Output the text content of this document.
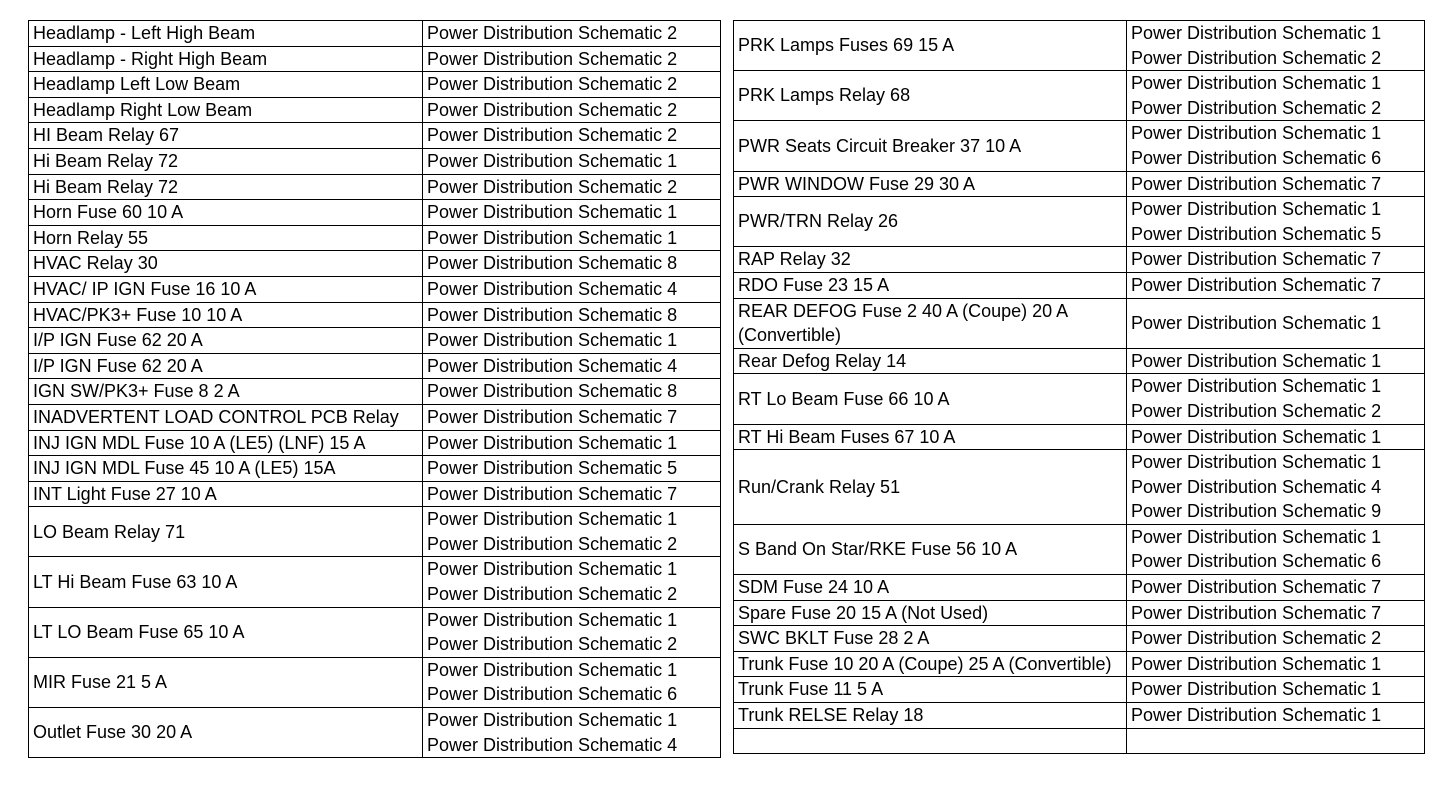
Headlamp - Left High Beam	Power Distribution Schematic 2

Headlamp - Right High Beam	Power Distribution Schematic 2

Headlamp Left Low Beam	Power Distribution Schematic 2

Headlamp Right Low Beam	Power Distribution Schematic 2

HI Beam Relay 67	Power Distribution Schematic 2

Hi Beam Relay 72	Power Distribution Schematic 1

Hi Beam Relay 72	Power Distribution Schematic 2

Horn Fuse 60 10 A	Power Distribution Schematic 1

Horn Relay 55	Power Distribution Schematic 1

HVAC Relay 30	Power Distribution Schematic 8

HVAC/ IP IGN Fuse 16 10 A	Power Distribution Schematic 4

HVAC/PK3+ Fuse 10 10 A	Power Distribution Schematic 8

I/P IGN Fuse 62 20 A	Power Distribution Schematic 1

I/P IGN Fuse 62 20 A	Power Distribution Schematic 4

IGN SW/PK3+ Fuse 8 2 A	Power Distribution Schematic 8

INADVERTENT LOAD CONTROL PCB Relay	Power Distribution Schematic 7

INJ IGN MDL Fuse 10 A (LE5) (LNF) 15 A	Power Distribution Schematic 1

INJ IGN MDL Fuse 45 10 A (LE5) 15A	Power Distribution Schematic 5

INT Light Fuse 27 10 A	Power Distribution Schematic 7

LO Beam Relay 71	Power Distribution Schematic 1
Power Distribution Schematic 2

LT Hi Beam Fuse 63 10 A	Power Distribution Schematic 1
Power Distribution Schematic 2

LT LO Beam Fuse 65 10 A	Power Distribution Schematic 1
Power Distribution Schematic 2

MIR Fuse 21 5 A	Power Distribution Schematic 1
Power Distribution Schematic 6

Outlet Fuse 30 20 A	Power Distribution Schematic 1
Power Distribution Schematic 4
PRK Lamps Fuses 69 15 A	Power Distribution Schematic 1
Power Distribution Schematic 2

PRK Lamps Relay 68	Power Distribution Schematic 1
Power Distribution Schematic 2

PWR Seats Circuit Breaker 37 10 A	Power Distribution Schematic 1
Power Distribution Schematic 6

PWR WINDOW Fuse 29 30 A	Power Distribution Schematic 7

PWR/TRN Relay 26	Power Distribution Schematic 1
Power Distribution Schematic 5

RAP Relay 32	Power Distribution Schematic 7

RDO Fuse 23 15 A	Power Distribution Schematic 7

REAR DEFOG Fuse 2 40 A (Coupe) 20 A (Convertible)	Power Distribution Schematic 1

Rear Defog Relay 14	Power Distribution Schematic 1

RT Lo Beam Fuse 66 10 A	Power Distribution Schematic 1
Power Distribution Schematic 2

RT Hi Beam Fuses 67 10 A	Power Distribution Schematic 1

Run/Crank Relay 51	Power Distribution Schematic 1
Power Distribution Schematic 4
Power Distribution Schematic 9

S Band On Star/RKE Fuse 56 10 A	Power Distribution Schematic 1
Power Distribution Schematic 6

SDM Fuse 24 10 A	Power Distribution Schematic 7

Spare Fuse 20 15 A (Not Used)	Power Distribution Schematic 7

SWC BKLT Fuse 28 2 A	Power Distribution Schematic 2

Trunk Fuse 10 20 A (Coupe) 25 A (Convertible)	Power Distribution Schematic 1

Trunk Fuse 11 5 A	Power Distribution Schematic 1

Trunk RELSE Relay 18	Power Distribution Schematic 1
